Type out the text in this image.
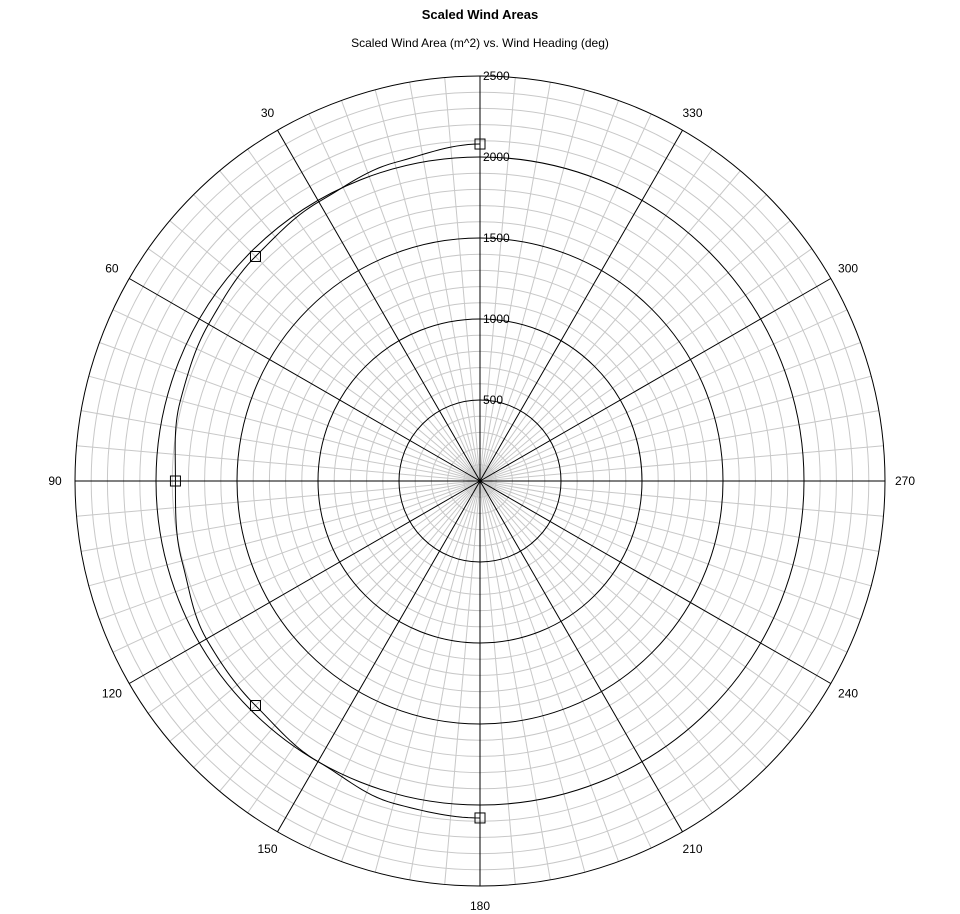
Scaled Wind Areas
Scaled Wind Area (m^2) vs. Wind Heading (deg)
500
1000
1500
2000
2500
30
60
90
120
150
180
210
240
270
300
330
